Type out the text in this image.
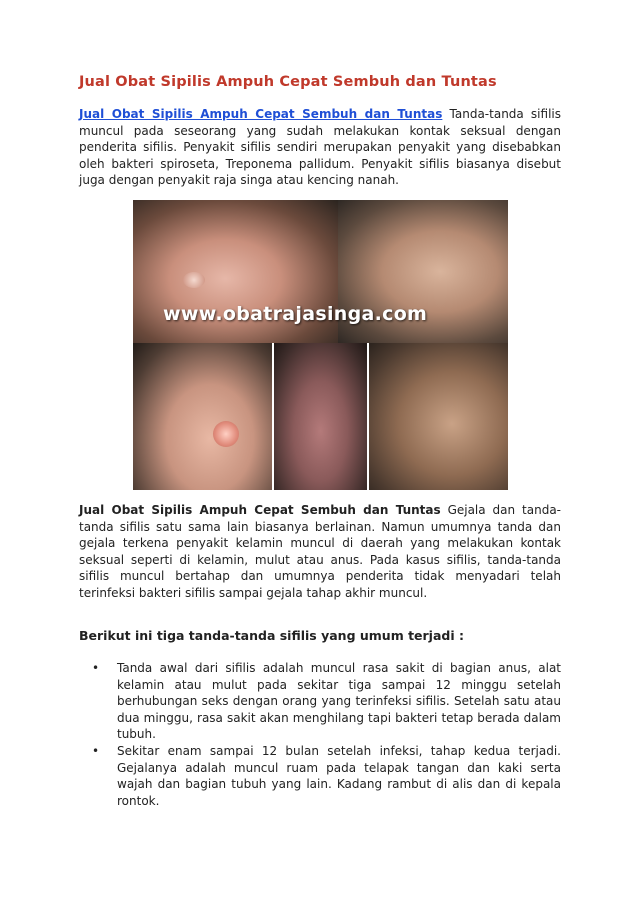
Jual Obat Sipilis Ampuh Cepat Sembuh dan Tuntas
Jual Obat Sipilis Ampuh Cepat Sembuh dan Tuntas Tanda-tanda sifilis muncul pada seseorang yang sudah melakukan kontak seksual dengan penderita sifilis. Penyakit sifilis sendiri merupakan penyakit yang disebabkan oleh bakteri spiroseta, Treponema pallidum. Penyakit sifilis biasanya disebut juga dengan penyakit raja singa atau kencing nanah.
Berikut ini tiga tanda-tanda sifilis yang umum terjadi :
Jual Obat Sipilis Ampuh Cepat Sembuh dan Tuntas Gejala dan tanda-tanda sifilis satu sama lain biasanya berlainan. Namun umumnya tanda dan gejala terkena penyakit kelamin muncul di daerah yang melakukan kontak seksual seperti di kelamin, mulut atau anus. Pada kasus sifilis, tanda-tanda sifilis muncul bertahap dan umumnya penderita tidak menyadari telah terinfeksi bakteri sifilis sampai gejala tahap akhir muncul.
• Tanda awal dari sifilis adalah muncul rasa sakit di bagian anus, alat kelamin atau mulut pada sekitar tiga sampai 12 minggu setelah berhubungan seks dengan orang yang terinfeksi sifilis. Setelah satu atau dua minggu, rasa sakit akan menghilang tapi bakteri tetap berada dalam tubuh.
• Sekitar enam sampai 12 bulan setelah infeksi, tahap kedua terjadi. Gejalanya adalah muncul ruam pada telapak tangan dan kaki serta wajah dan bagian tubuh yang lain. Kadang rambut di alis dan di kepala rontok.
www.obatrajasinga.com
